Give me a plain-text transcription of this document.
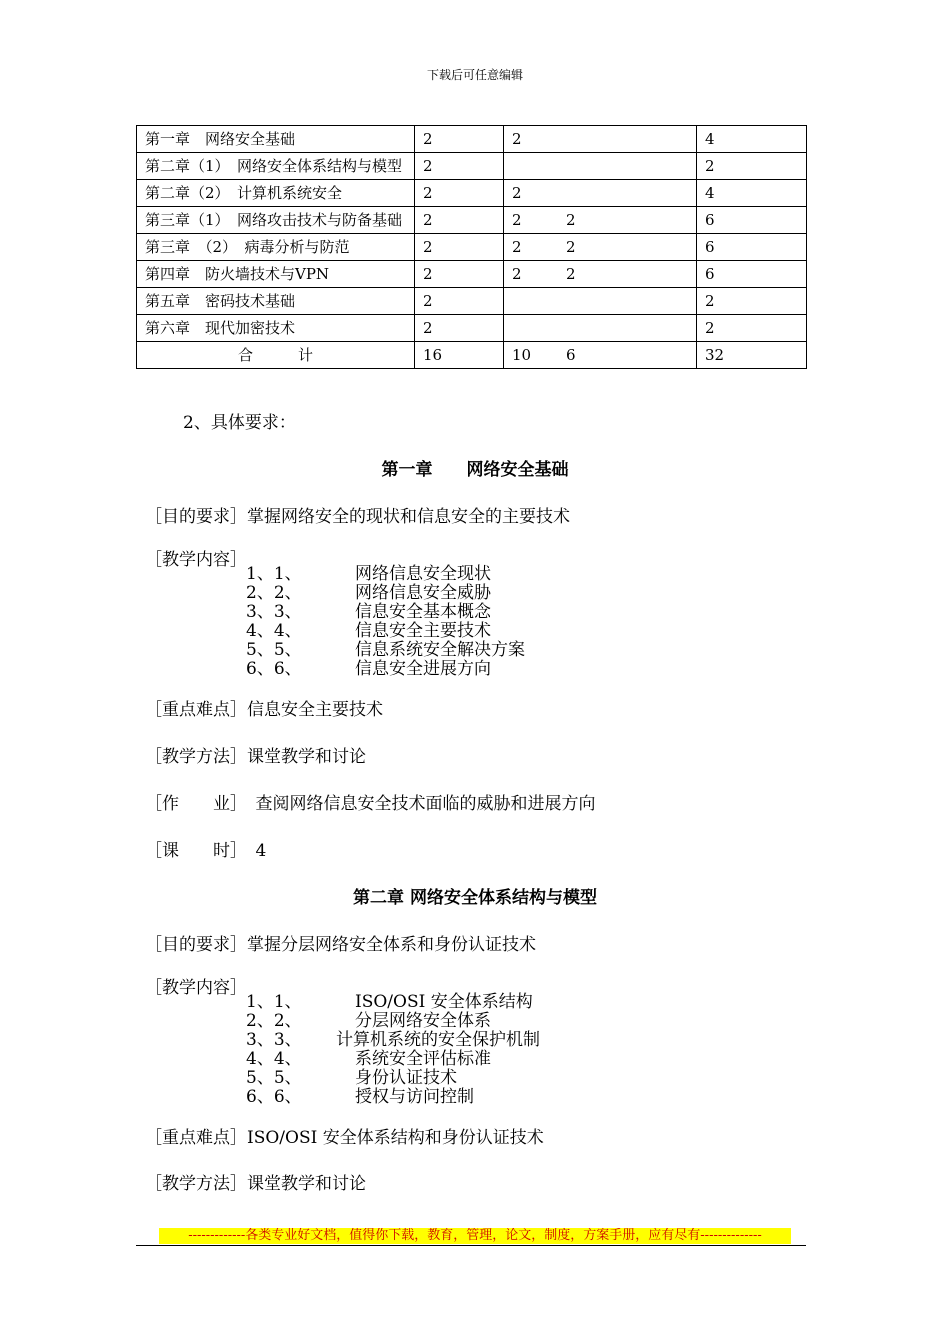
下载后可任意编辑
第一章　网络安全基础	2	2	4
第二章（1）　网络安全体系结构与模型	2		2
第二章（2）　计算机系统安全	2	2	4
第三章（1）　网络攻击技术与防备基础	2	2 2	6
第三章　（2）　病毒分析与防范	2	2 2	6
第四章　防火墙技术与VPN	2	2 2	6
第五章　密码技术基础	2		2
第六章　现代加密技术	2		2
合　　　计	16	10 6	32
2、具体要求：
第一章　　网络安全基础
［目的要求］掌握网络安全的现状和信息安全的主要技术
［教学内容］
1、1、	网络信息安全现状
2、2、	网络信息安全威胁
3、3、	信息安全基本概念
4、4、	信息安全主要技术
5、5、	信息系统安全解决方案
6、6、	信息安全进展方向
［重点难点］信息安全主要技术
［教学方法］课堂教学和讨论
［作　　业］　查阅网络信息安全技术面临的威胁和进展方向
［课　　时］　4
第二章 网络安全体系结构与模型
［目的要求］掌握分层网络安全体系和身份认证技术
［教学内容］
1、1、	ISO/OSI 安全体系结构
2、2、	分层网络安全体系
3、3、 计算机系统的安全保护机制
4、4、	系统安全评估标准
5、5、	身份认证技术
6、6、	授权与访问控制
［重点难点］ISO/OSI 安全体系结构和身份认证技术
［教学方法］课堂教学和讨论
-------------各类专业好文档，值得你下载，教育，管理，论文，制度，方案手册，应有尽有--------------
